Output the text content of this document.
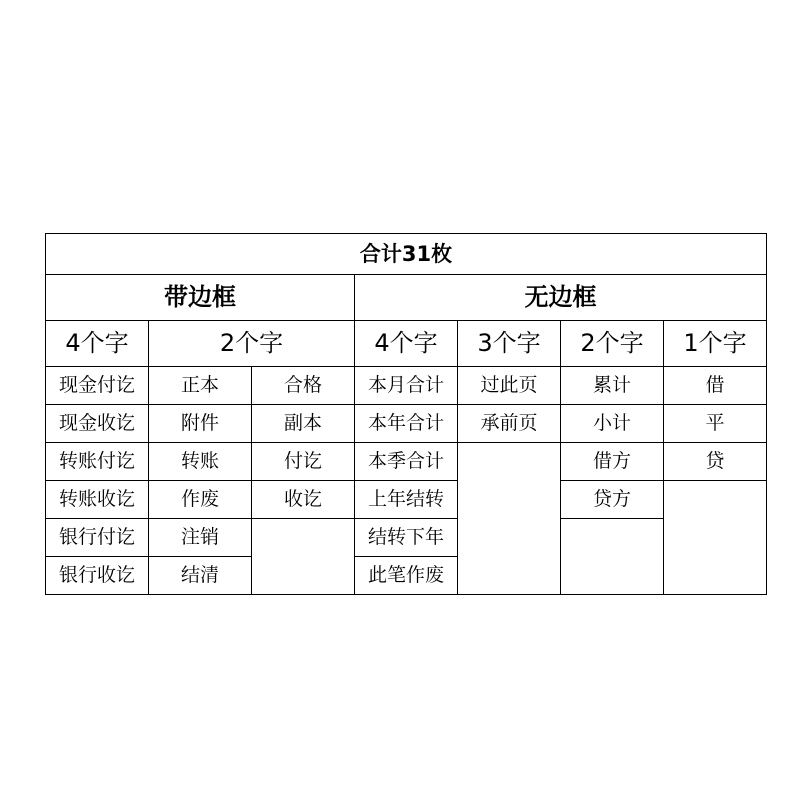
合计31枚						
带边框			无边框			
4个字	2个字		4个字	3个字	2个字	1个字
现金付讫	正本	合格	本月合计	过此页	累计	借
现金收讫	附件	副本	本年合计	承前页	小计	平
转账付讫	转账	付讫	本季合计		借方	贷
转账收讫	作废	收讫	上年结转		贷方	
银行付讫	注销		结转下年			
银行收讫	结清		此笔作废			
